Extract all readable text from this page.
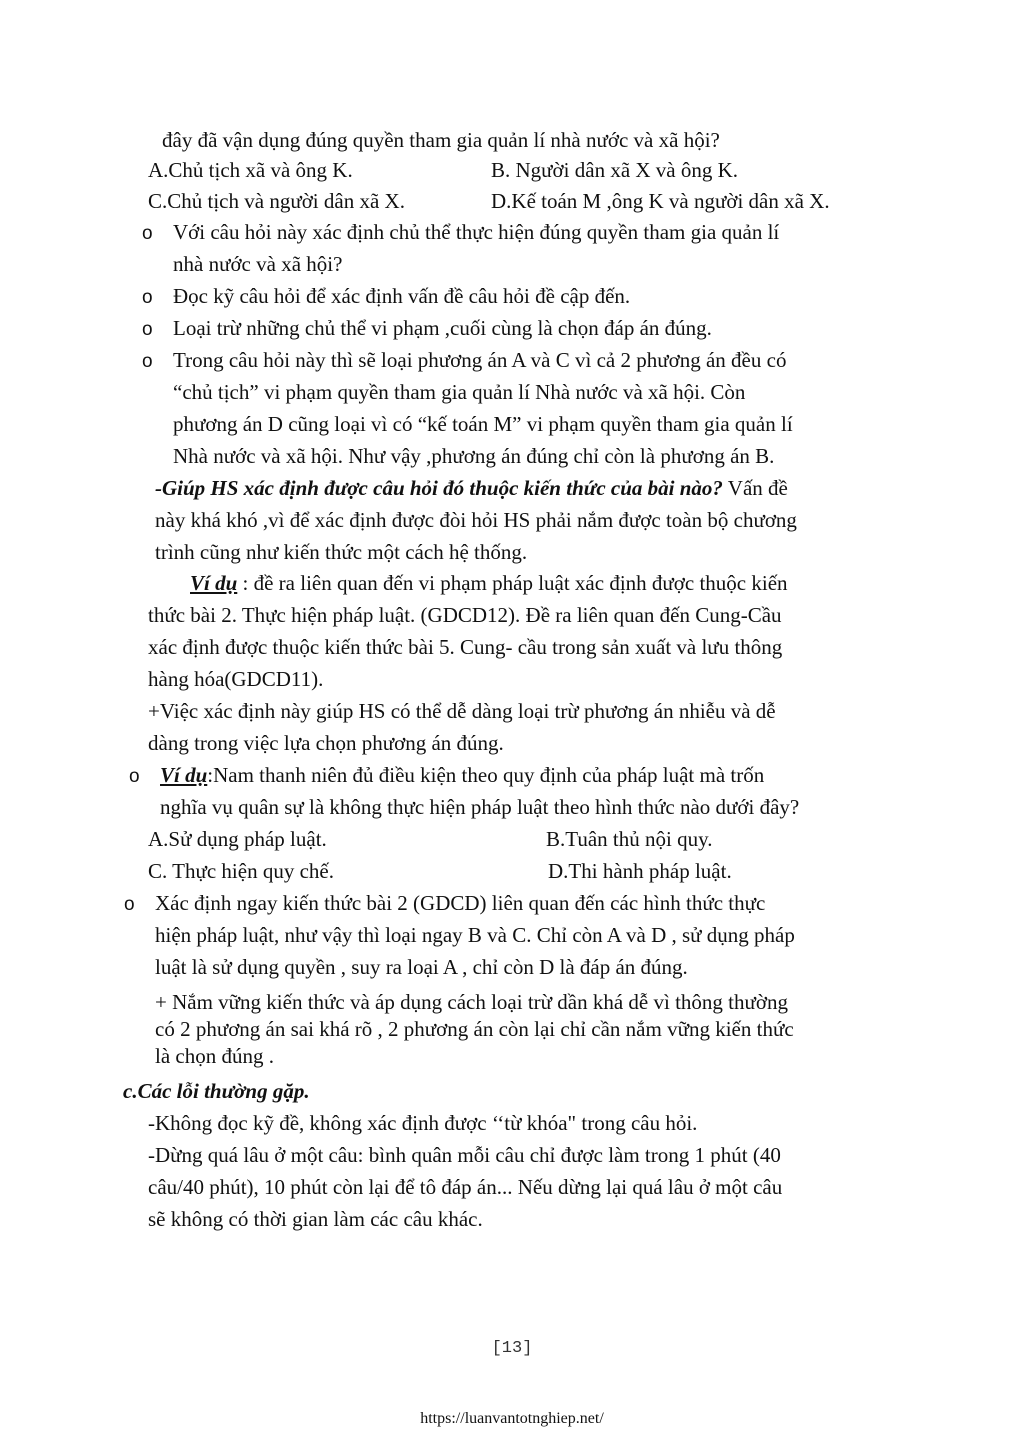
đây đã vận dụng đúng quyền tham gia quản lí nhà nước và xã hội?
A.Chủ tịch xã và ông K.	B. Người dân xã X và ông K.
C.Chủ tịch và người dân xã X.	D.Kế toán M ,ông K và người dân xã X.
o Với câu hỏi này xác định chủ thể thực hiện đúng quyền tham gia quản lí
nhà nước và xã hội?
o Đọc kỹ câu hỏi để xác định vấn đề câu hỏi đề cập đến.
o Loại trừ những chủ thể vi phạm ,cuối cùng là chọn đáp án đúng.
o Trong câu hỏi này thì sẽ loại phương án A và C vì cả 2 phương án đều có
“chủ tịch” vi phạm quyền tham gia quản lí Nhà nước và xã hội. Còn
phương án D cũng loại vì có “kế toán M” vi phạm quyền tham gia quản lí
Nhà nước và xã hội. Như vậy ,phương án đúng chỉ còn là phương án B.
-Giúp HS xác định được câu hỏi đó thuộc kiến thức của bài nào? Vấn đề
này khá khó ,vì để xác định được đòi hỏi HS phải nắm được toàn bộ chương
trình cũng như kiến thức một cách hệ thống.
Ví dụ : đề ra liên quan đến vi phạm pháp luật xác định được thuộc kiến
thức bài 2. Thực hiện pháp luật. (GDCD12). Đề ra liên quan đến Cung-Cầu
xác định được thuộc kiến thức bài 5. Cung- cầu trong sản xuất và lưu thông
hàng hóa(GDCD11).
+Việc xác định này giúp HS có thể dễ dàng loại trừ phương án nhiễu và dễ
dàng trong việc lựa chọn phương án đúng.
o Ví dụ:Nam thanh niên đủ điều kiện theo quy định của pháp luật mà trốn
nghĩa vụ quân sự là không thực hiện pháp luật theo hình thức nào dưới đây?
A.Sử dụng pháp luật.	B.Tuân thủ nội quy.
C. Thực hiện quy chế.	D.Thi hành pháp luật.
o Xác định ngay kiến thức bài 2 (GDCD) liên quan đến các hình thức thực
hiện pháp luật, như vậy thì loại ngay B và C. Chỉ còn A và D , sử dụng pháp
luật là sử dụng quyền , suy ra loại A , chỉ còn D là đáp án đúng.
+ Nắm vững kiến thức và áp dụng cách loại trừ dần khá dễ vì thông thường
có 2 phương án sai khá rõ , 2 phương án còn lại chỉ cần nắm vững kiến thức
là chọn đúng .
c.Các lỗi thường gặp.
-Không đọc kỹ đề, không xác định được ‘‘từ khóa" trong câu hỏi.
-Dừng quá lâu ở một câu: bình quân mỗi câu chỉ được làm trong 1 phút (40
câu/40 phút), 10 phút còn lại để tô đáp án... Nếu dừng lại quá lâu ở một câu
sẽ không có thời gian làm các câu khác.
[13]
https://luanvantotnghiep.net/
